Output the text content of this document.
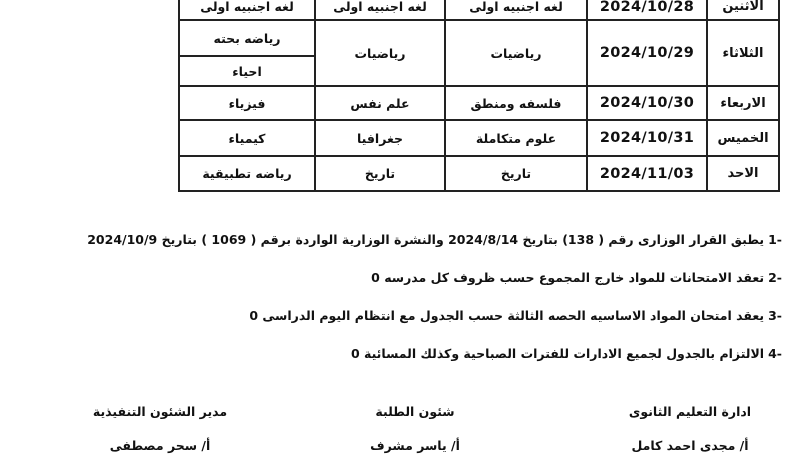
الاثنين	2024/10/28	لغه اجنبيه اولى	لغه اجنبيه اولى	لغه اجنبيه اولى
الثلاثاء	2024/10/29	رياضيات	رياضيات	رياضه بحته
				احياء
الاربعاء	2024/10/30	فلسفه ومنطق	علم نفس	فيزياء
الخميس	2024/10/31	علوم متكاملة	جغرافيا	كيمياء
الاحد	2024/11/03	تاريخ	تاريخ	رياضه تطبيقية
-1يطبق القرار الوزارى رقم ( 138) بتاريخ 2024/8/14 والنشرة الوزارية الواردة برقم ( 1069 ) بتاريخ 2024/10/9
-2تعقد الامتحانات للمواد خارج المجموع حسب ظروف كل مدرسه 0
-3يعقد امتحان المواد الاساسيه الحصه الثالثة حسب الجدول مع انتظام اليوم الدراسى 0
-4الالتزام بالجدول لجميع الادارات للفترات الصباحية وكذلك المسائية 0
ادارة التعليم الثانوى
أ/ مجدى احمد كامل
شئون الطلبة
أ/ ياسر مشرف
مدير الشئون التنفيذية
أ/ سحر مصطفى
